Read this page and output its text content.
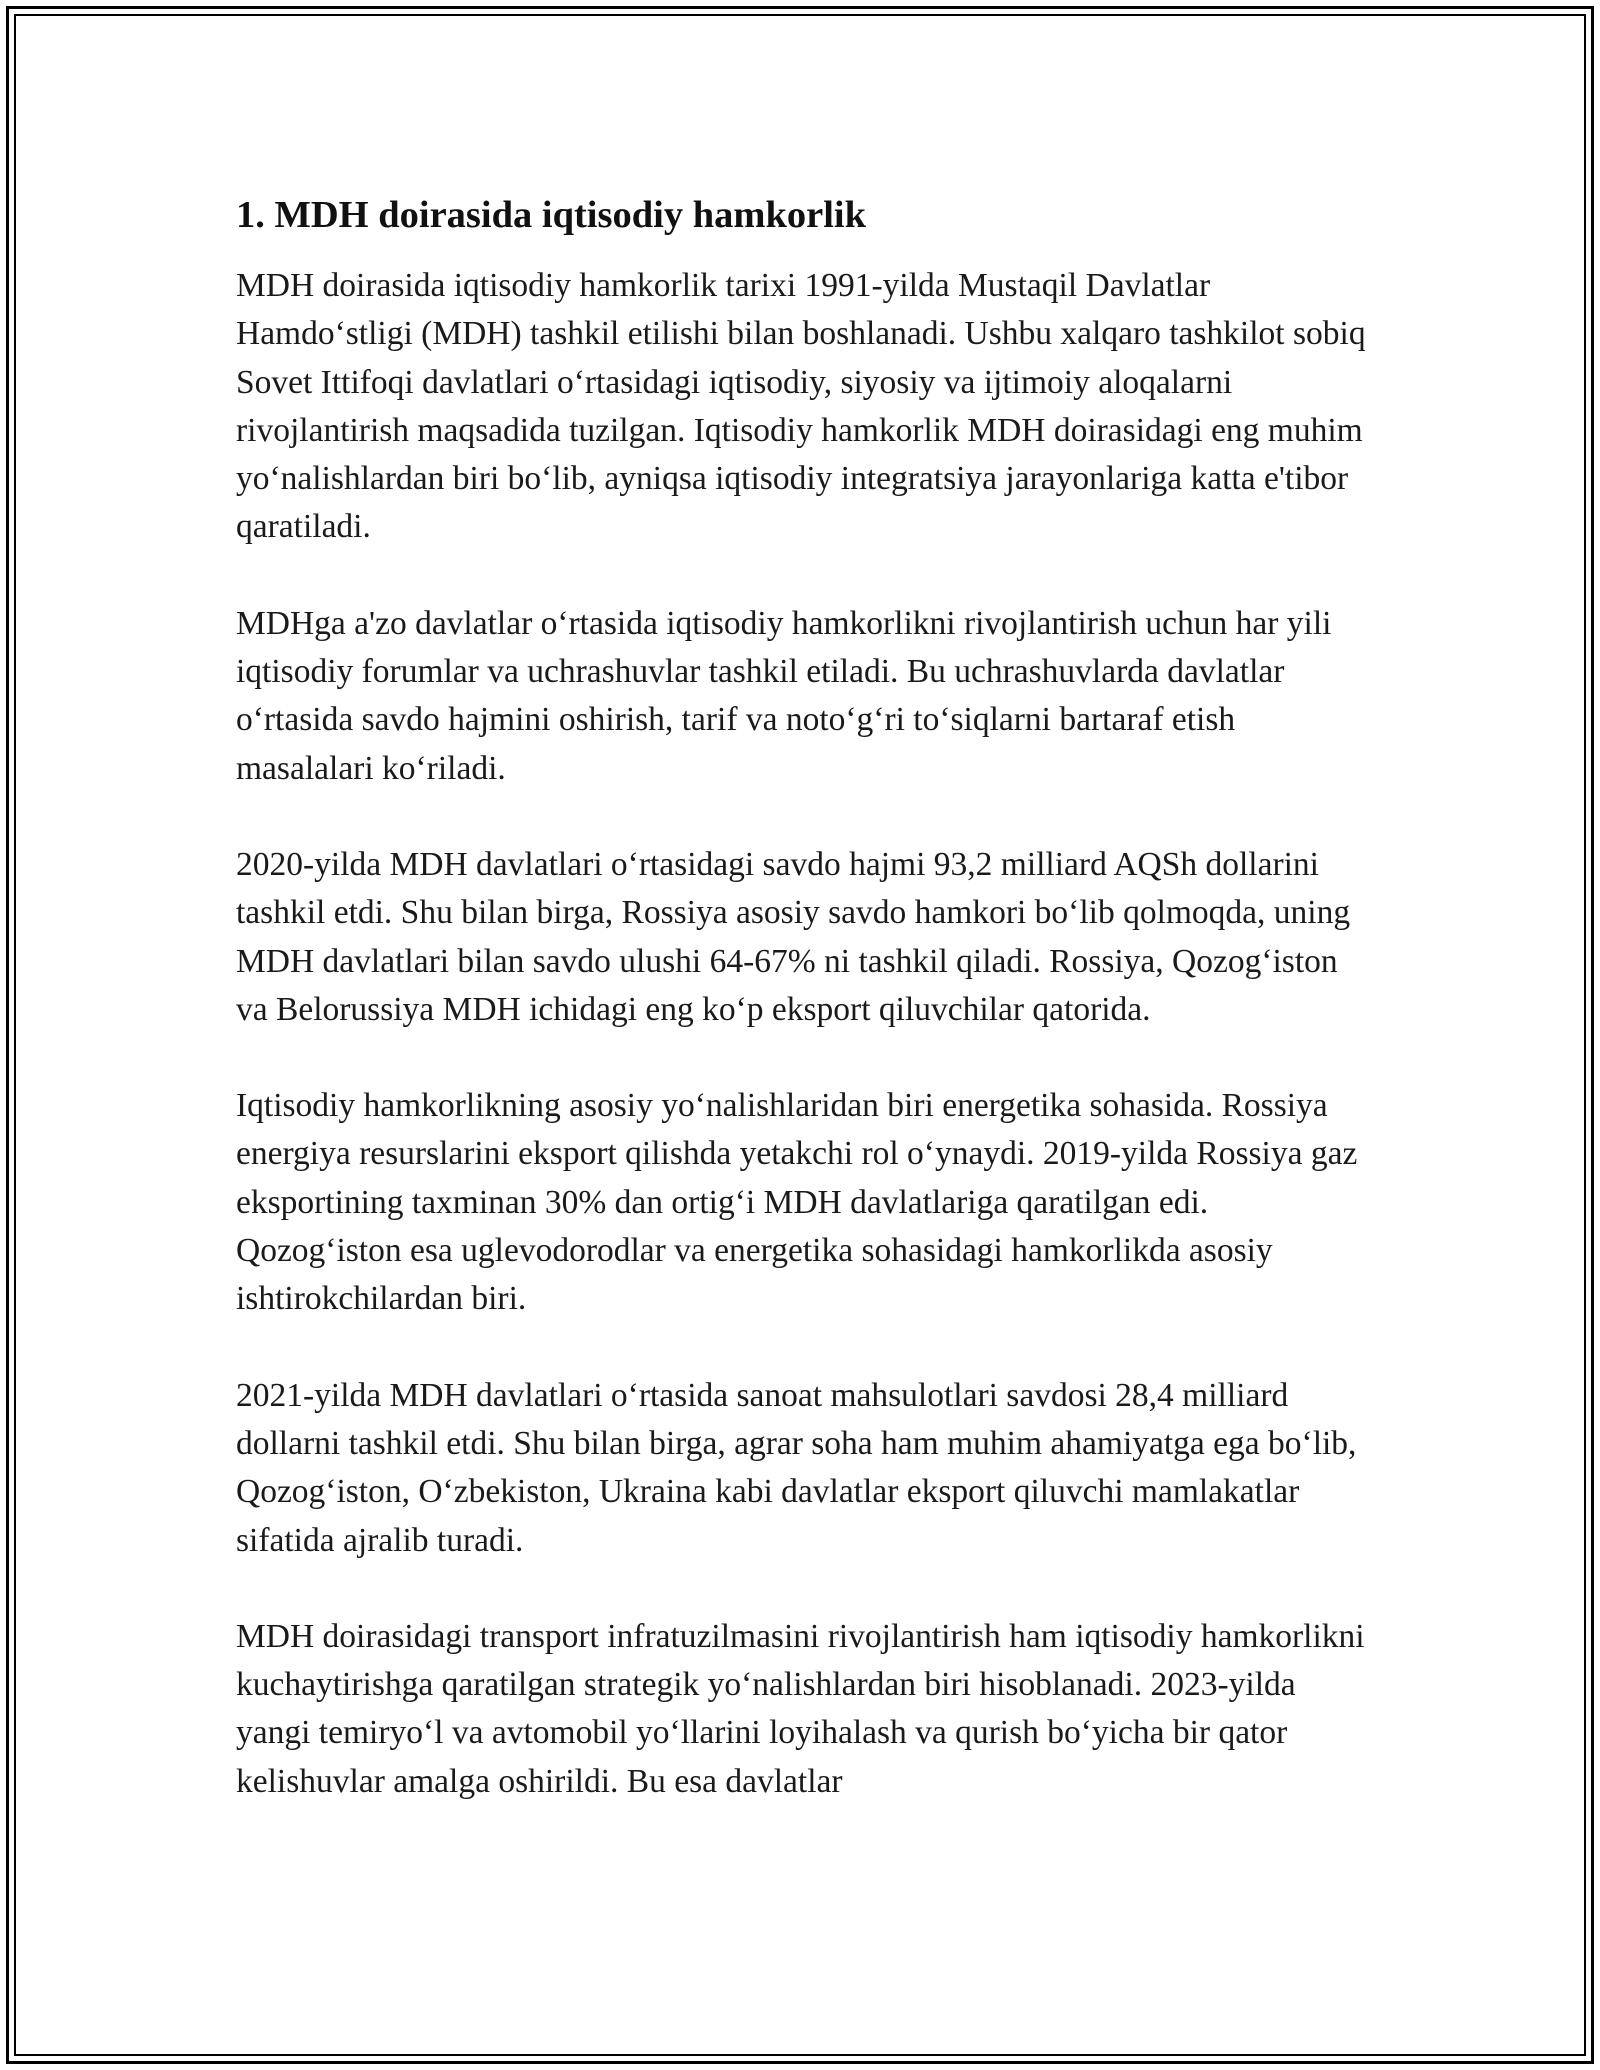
1. MDH doirasida iqtisodiy hamkorlik

MDH doirasida iqtisodiy hamkorlik tarixi 1991-yilda Mustaqil Davlatlar Hamdo‘stligi (MDH) tashkil etilishi bilan boshlanadi. Ushbu xalqaro tashkilot sobiq Sovet Ittifoqi davlatlari o‘rtasidagi iqtisodiy, siyosiy va ijtimoiy aloqalarni rivojlantirish maqsadida tuzilgan. Iqtisodiy hamkorlik MDH doirasidagi eng muhim yo‘nalishlardan biri bo‘lib, ayniqsa iqtisodiy integratsiya jarayonlariga katta e'tibor qaratiladi.

MDHga a'zo davlatlar o‘rtasida iqtisodiy hamkorlikni rivojlantirish uchun har yili iqtisodiy forumlar va uchrashuvlar tashkil etiladi. Bu uchrashuvlarda davlatlar o‘rtasida savdo hajmini oshirish, tarif va noto‘g‘ri to‘siqlarni bartaraf etish masalalari ko‘riladi.

2020-yilda MDH davlatlari o‘rtasidagi savdo hajmi 93,2 milliard AQSh dollarini tashkil etdi. Shu bilan birga, Rossiya asosiy savdo hamkori bo‘lib qolmoqda, uning MDH davlatlari bilan savdo ulushi 64-67% ni tashkil qiladi. Rossiya, Qozog‘iston va Belorussiya MDH ichidagi eng ko‘p eksport qiluvchilar qatorida.

Iqtisodiy hamkorlikning asosiy yo‘nalishlaridan biri energetika sohasida. Rossiya energiya resurslarini eksport qilishda yetakchi rol o‘ynaydi. 2019-yilda Rossiya gaz eksportining taxminan 30% dan ortig‘i MDH davlatlariga qaratilgan edi. Qozog‘iston esa uglevodorodlar va energetika sohasidagi hamkorlikda asosiy ishtirokchilardan biri.

2021-yilda MDH davlatlari o‘rtasida sanoat mahsulotlari savdosi 28,4 milliard dollarni tashkil etdi. Shu bilan birga, agrar soha ham muhim ahamiyatga ega bo‘lib, Qozog‘iston, O‘zbekiston, Ukraina kabi davlatlar eksport qiluvchi mamlakatlar sifatida ajralib turadi.

MDH doirasidagi transport infratuzilmasini rivojlantirish ham iqtisodiy hamkorlikni kuchaytirishga qaratilgan strategik yo‘nalishlardan biri hisoblanadi. 2023-yilda yangi temiryo‘l va avtomobil yo‘llarini loyihalash va qurish bo‘yicha bir qator kelishuvlar amalga oshirildi. Bu esa davlatlar
